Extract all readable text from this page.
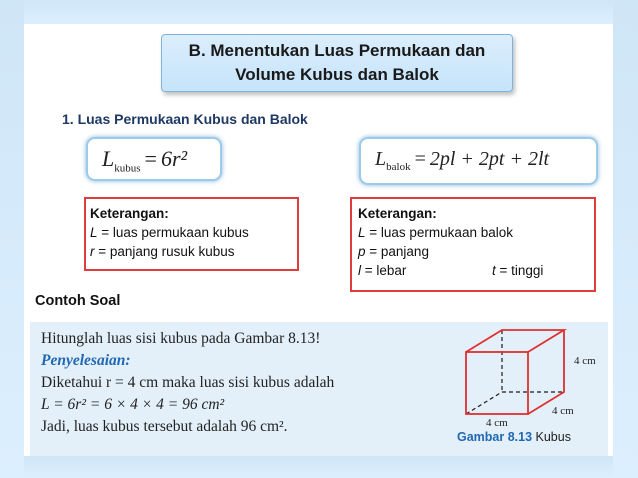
B. Menentukan Luas Permukaan dan
Volume Kubus dan Balok
1. Luas Permukaan Kubus dan Balok
$L_{kubus} = 6r^2$	$L_{balok} = 2pl + 2pt + 2lt$
Keterangan:
L = luas permukaan kubus
r = panjang rusuk kubus
Keterangan:
L = luas permukaan balok
p = panjang
l = lebar	t = tinggi
Contoh Soal
Hitunglah luas sisi kubus pada Gambar 8.13!
Penyelesaian:
Diketahui r = 4 cm maka luas sisi kubus adalah
L = 6r² = 6 × 4 × 4 = 96 cm²
Jadi, luas kubus tersebut adalah 96 cm².
4 cm
4 cm
4 cm
Gambar 8.13 Kubus
